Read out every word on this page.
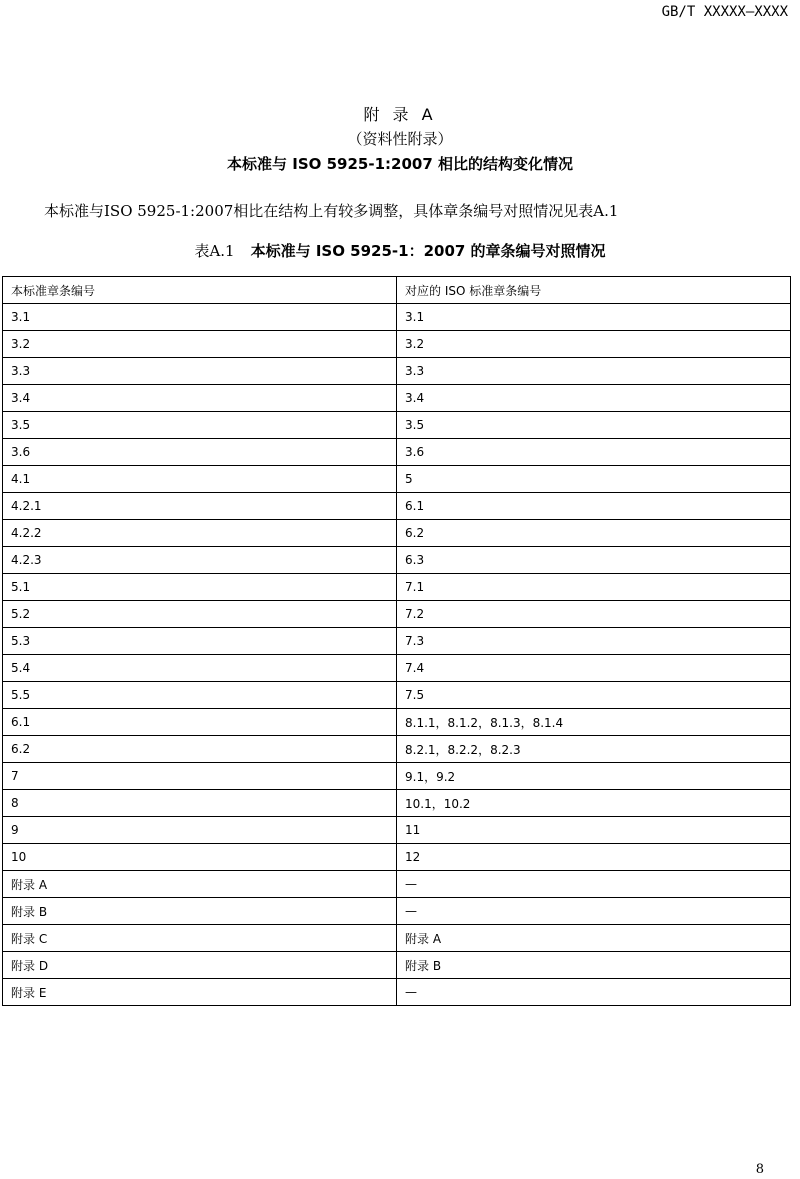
GB/T XXXXX—XXXX
附 录 A
（资料性附录）
本标准与 ISO 5925-1:2007 相比的结构变化情况
本标准与ISO 5925-1:2007相比在结构上有较多调整，具体章条编号对照情况见表A.1
表A.1 本标准与 ISO 5925-1：2007 的章条编号对照情况
本标准章条编号	对应的 ISO 标准章条编号
3.1	3.1
3.2	3.2
3.3	3.3
3.4	3.4
3.5	3.5
3.6	3.6
4.1	5
4.2.1	6.1
4.2.2	6.2
4.2.3	6.3
5.1	7.1
5.2	7.2
5.3	7.3
5.4	7.4
5.5	7.5
6.1	8.1.1，8.1.2，8.1.3，8.1.4
6.2	8.2.1，8.2.2，8.2.3
7	9.1，9.2
8	10.1，10.2
9	11
10	12
附录 A	—
附录 B	—
附录 C	附录 A
附录 D	附录 B
附录 E	—
8
